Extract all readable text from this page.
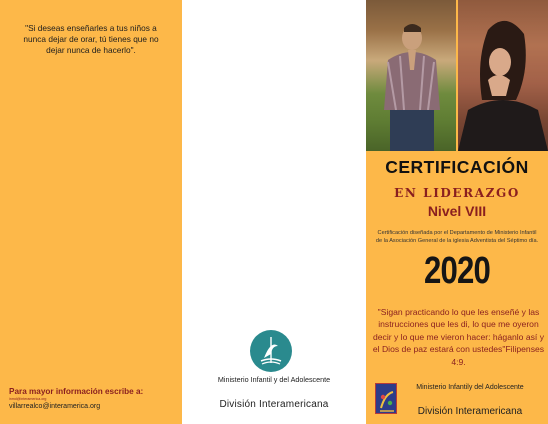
"Si deseas enseñarles a tus niños a nunca dejar de orar, tú tienes que no dejar nunca de hacerlo".
Para mayor información escribe a:
inmd@interamerica.org
villarrealco@interamerica.org
Ministerio Infantil y del Adolescente
División Interamericana
CERTIFICACIÓN
EN LIDERAZGO
Nivel VIII
Certificación diseñada por el Departamento de Ministerio Infantil de la Asociación General de la iglesia Adventista del Séptimo día.
2020
"Sigan practicando lo que les enseñé y las instrucciones que les di, lo que me oyeron decir y lo que me vieron hacer: háganlo así y el Dios de paz estará con ustedes"Filipenses 4:9.
Ministerio Infantily del Adolescente
División Interamericana
